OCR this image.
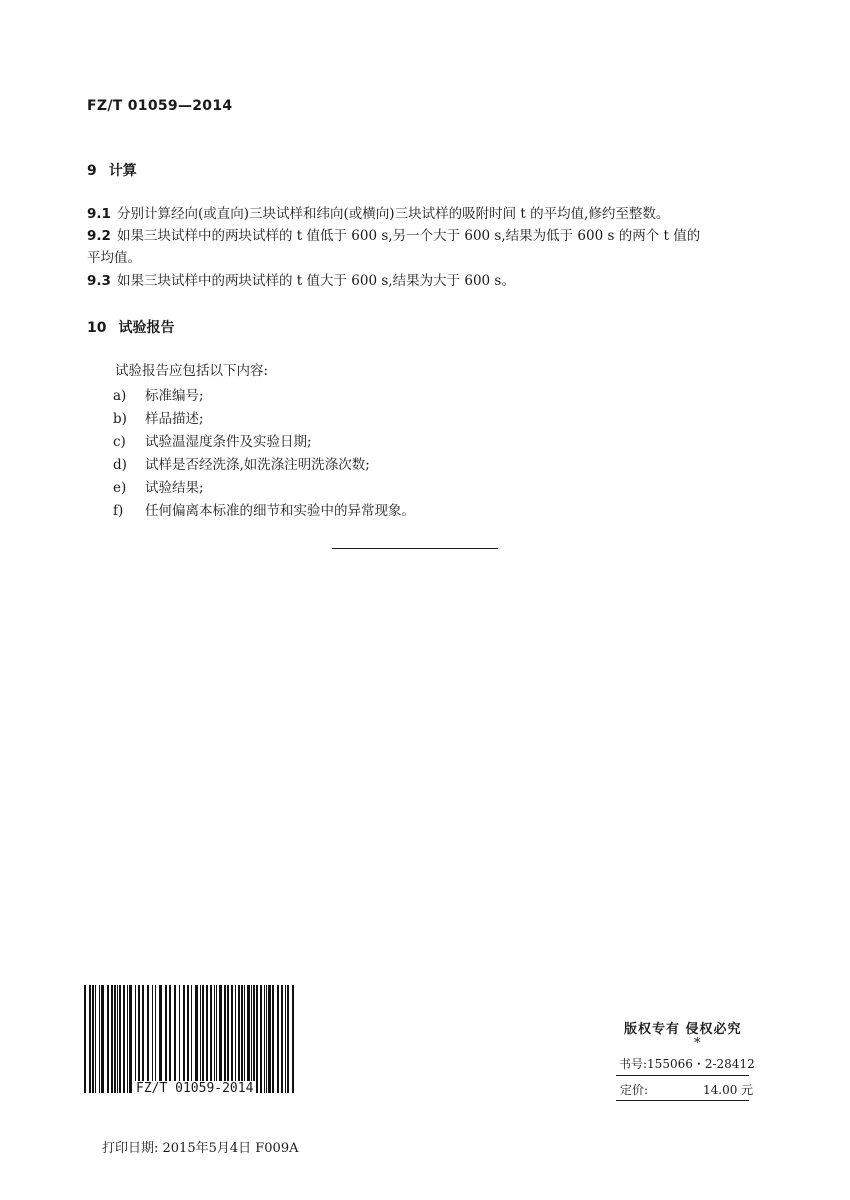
FZ/T 01059—2014
9 计算
9.1 分别计算经向(或直向)三块试样和纬向(或横向)三块试样的吸附时间 t 的平均值,修约至整数。
9.2 如果三块试样中的两块试样的 t 值低于 600 s,另一个大于 600 s,结果为低于 600 s 的两个 t 值的
平均值。
9.3 如果三块试样中的两块试样的 t 值大于 600 s,结果为大于 600 s。
10 试验报告
试验报告应包括以下内容:
a) 标准编号;
b) 样品描述;
c) 试验温湿度条件及实验日期;
d) 试样是否经洗涤,如洗涤注明洗涤次数;
e) 试验结果;
f) 任何偏离本标准的细节和实验中的异常现象。
FZ/T 01059-2014
版权专有 侵权必究
*
书号:155066・2-28412
定价:	14.00 元
打印日期: 2015年5月4日 F009A
